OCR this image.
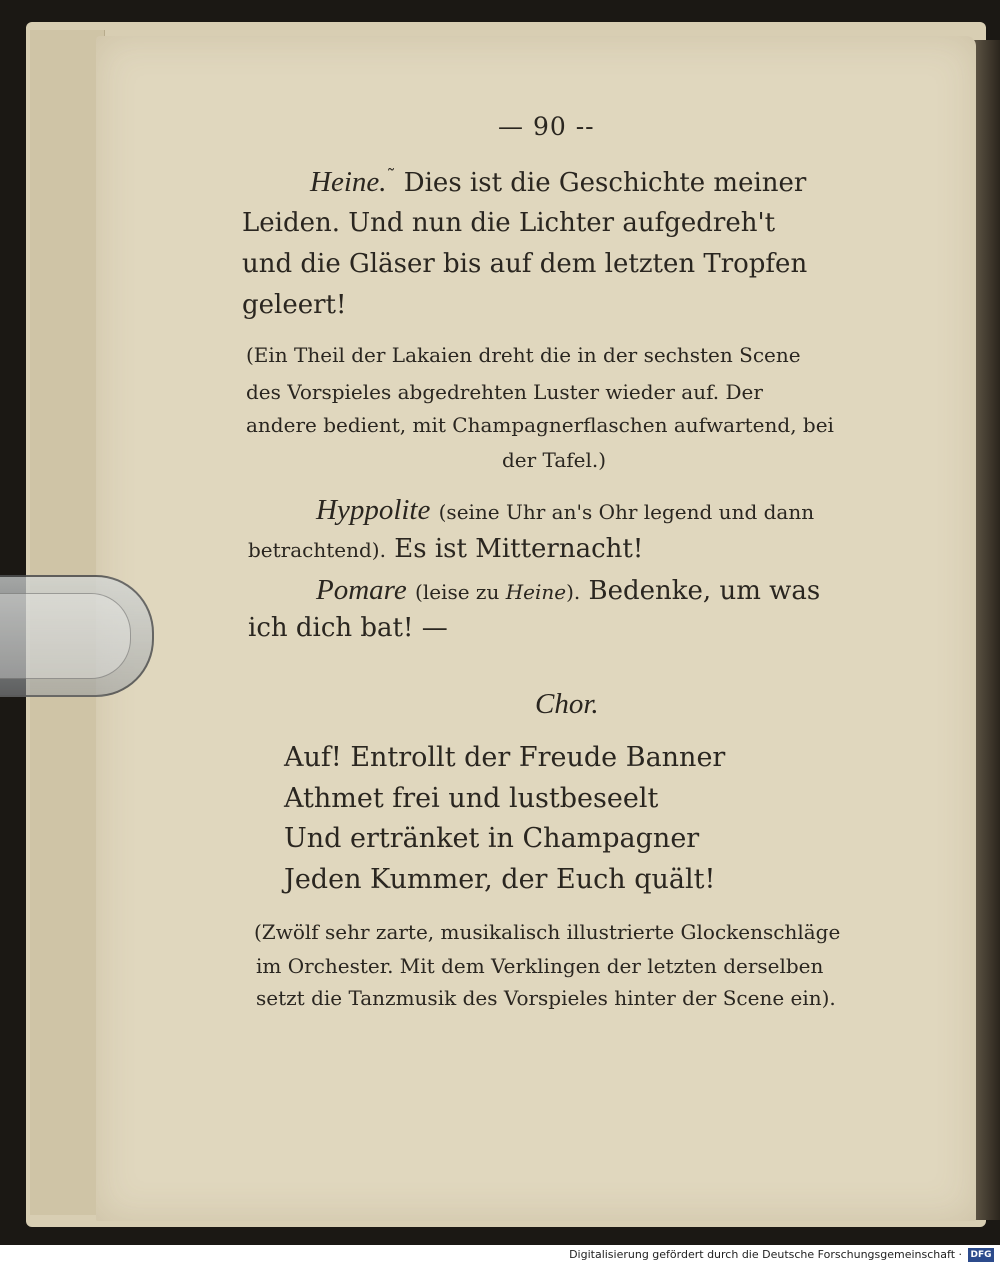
— 90 --
Heine.˜ Dies ist die Geschichte meiner
Leiden. Und nun die Lichter aufgedreh't
und die Gläser bis auf dem letzten Tropfen
geleert!
(Ein Theil der Lakaien dreht die in der sechsten Scene
des Vorspieles abgedrehten Luster wieder auf. Der
andere bedient, mit Champagnerflaschen aufwartend, bei
der Tafel.)
Hyppolite (seine Uhr an's Ohr legend und dann
betrachtend). Es ist Mitternacht!
Pomare (leise zu Heine). Bedenke, um was
ich dich bat! —
Chor.
Auf! Entrollt der Freude Banner
Athmet frei und lustbeseelt
Und ertränket in Champagner
Jeden Kummer, der Euch quält!
(Zwölf sehr zarte, musikalisch illustrierte Glockenschläge
im Orchester. Mit dem Verklingen der letzten derselben
setzt die Tanzmusik des Vorspieles hinter der Scene ein).
Digitalisierung gefördert durch die Deutsche Forschungsgemeinschaft · DFG
